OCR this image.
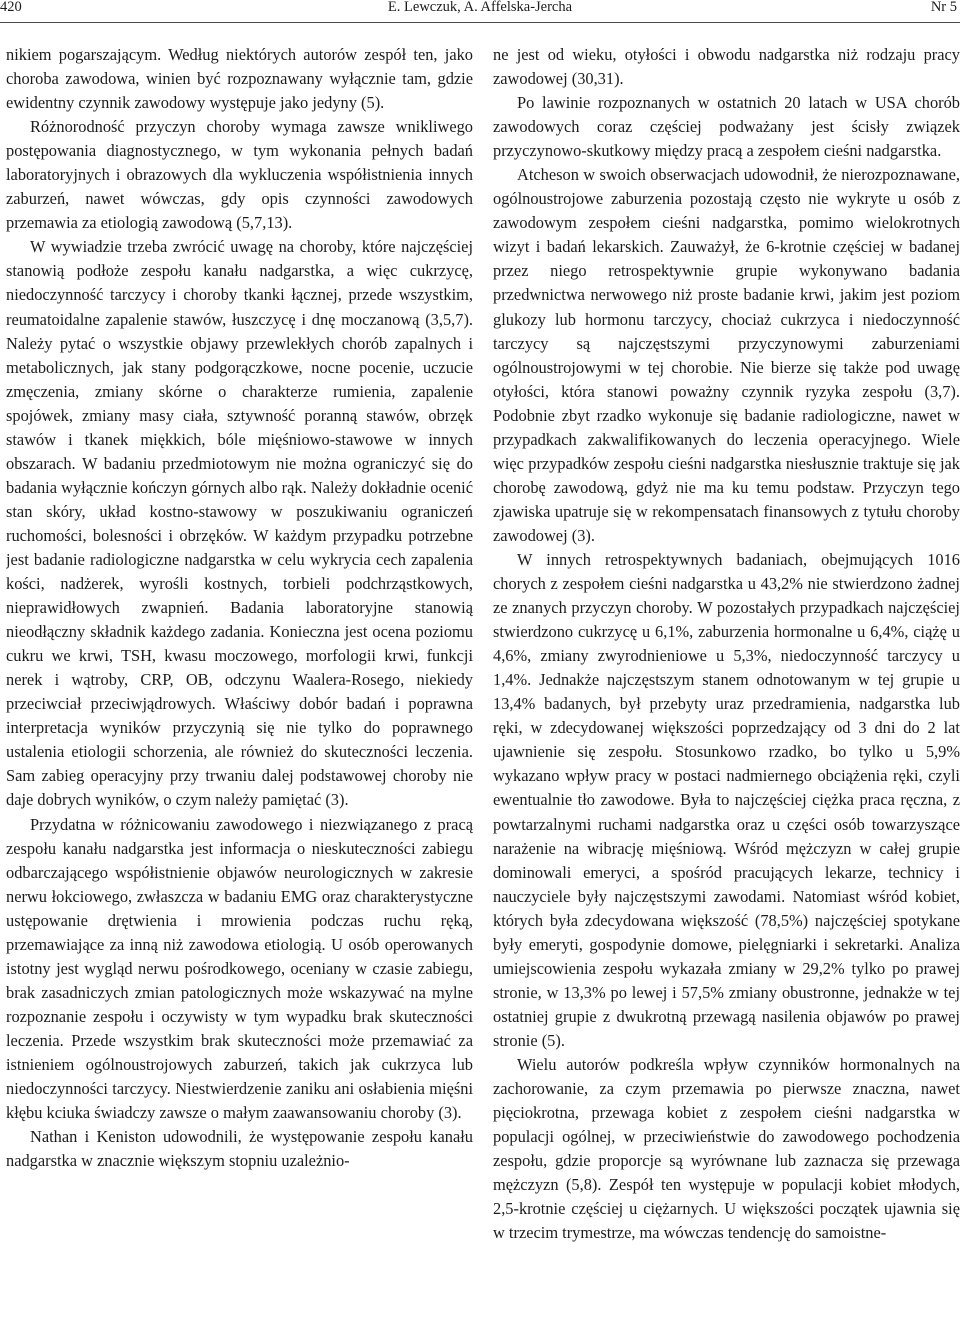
420	E. Lewczuk, A. Affelska-Jercha	Nr 5

nikiem pogarszającym. Według niektórych autorów zespół ten, jako choroba zawodowa, winien być rozpoznawany wyłącznie tam, gdzie ewidentny czynnik zawodowy występuje jako jedyny (5).

Różnorodność przyczyn choroby wymaga zawsze wnikliwego postępowania diagnostycznego, w tym wykonania pełnych badań laboratoryjnych i obrazowych dla wykluczenia współistnienia innych zaburzeń, nawet wówczas, gdy opis czynności zawodowych przemawia za etiologią zawodową (5,7,13).

W wywiadzie trzeba zwrócić uwagę na choroby, które najczęściej stanowią podłoże zespołu kanału nadgarstka, a więc cukrzycę, niedoczynność tarczycy i choroby tkanki łącznej, przede wszystkim, reumatoidalne zapalenie stawów, łuszczycę i dnę moczanową (3,5,7). Należy pytać o wszystkie objawy przewlekłych chorób zapalnych i metabolicznych, jak stany podgorączkowe, nocne pocenie, uczucie zmęczenia, zmiany skórne o charakterze rumienia, zapalenie spojówek, zmiany masy ciała, sztywność poranną stawów, obrzęk stawów i tkanek miękkich, bóle mięśniowo-stawowe w innych obszarach. W badaniu przedmiotowym nie można ograniczyć się do badania wyłącznie kończyn górnych albo rąk. Należy dokładnie ocenić stan skóry, układ kostno-stawowy w poszukiwaniu ograniczeń ruchomości, bolesności i obrzęków. W każdym przypadku potrzebne jest badanie radiologiczne nadgarstka w celu wykrycia cech zapalenia kości, nadżerek, wyrośli kostnych, torbieli podchrząstkowych, nieprawidłowych zwapnień. Badania laboratoryjne stanowią nieodłączny składnik każdego zadania. Konieczna jest ocena poziomu cukru we krwi, TSH, kwasu moczowego, morfologii krwi, funkcji nerek i wątroby, CRP, OB, odczynu Waalera-Rosego, niekiedy przeciwciał przeciwjądrowych. Właściwy dobór badań i poprawna interpretacja wyników przyczynią się nie tylko do poprawnego ustalenia etiologii schorzenia, ale również do skuteczności leczenia. Sam zabieg operacyjny przy trwaniu dalej podstawowej choroby nie daje dobrych wyników, o czym należy pamiętać (3).

Przydatna w różnicowaniu zawodowego i niezwiązanego z pracą zespołu kanału nadgarstka jest informacja o nieskuteczności zabiegu odbarczającego współistnienie objawów neurologicznych w zakresie nerwu łokciowego, zwłaszcza w badaniu EMG oraz charakterystyczne ustępowanie drętwienia i mrowienia podczas ruchu ręką, przemawiające za inną niż zawodowa etiologią. U osób operowanych istotny jest wygląd nerwu pośrodkowego, oceniany w czasie zabiegu, brak zasadniczych zmian patologicznych może wskazywać na mylne rozpoznanie zespołu i oczywisty w tym wypadku brak skuteczności leczenia. Przede wszystkim brak skuteczności może przemawiać za istnieniem ogólnoustrojowych zaburzeń, takich jak cukrzyca lub niedoczynności tarczycy. Niestwierdzenie zaniku ani osłabienia mięśni kłębu kciuka świadczy zawsze o małym zaawansowaniu choroby (3).

Nathan i Keniston udowodnili, że występowanie zespołu kanału nadgarstka w znacznie większym stopniu uzależnio-

ne jest od wieku, otyłości i obwodu nadgarstka niż rodzaju pracy zawodowej (30,31).

Po lawinie rozpoznanych w ostatnich 20 latach w USA chorób zawodowych coraz częściej podważany jest ścisły związek przyczynowo-skutkowy między pracą a zespołem cieśni nadgarstka.

Atcheson w swoich obserwacjach udowodnił, że nierozpoznawane, ogólnoustrojowe zaburzenia pozostają często nie wykryte u osób z zawodowym zespołem cieśni nadgarstka, pomimo wielokrotnych wizyt i badań lekarskich. Zauważył, że 6-krotnie częściej w badanej przez niego retrospektywnie grupie wykonywano badania przedwnictwa nerwowego niż proste badanie krwi, jakim jest poziom glukozy lub hormonu tarczycy, chociaż cukrzyca i niedoczynność tarczycy są najczęstszymi przyczynowymi zaburzeniami ogólnoustrojowymi w tej chorobie. Nie bierze się także pod uwagę otyłości, która stanowi poważny czynnik ryzyka zespołu (3,7). Podobnie zbyt rzadko wykonuje się badanie radiologiczne, nawet w przypadkach zakwalifikowanych do leczenia operacyjnego. Wiele więc przypadków zespołu cieśni nadgarstka niesłusznie traktuje się jak chorobę zawodową, gdyż nie ma ku temu podstaw. Przyczyn tego zjawiska upatruje się w rekompensatach finansowych z tytułu choroby zawodowej (3).

W innych retrospektywnych badaniach, obejmujących 1016 chorych z zespołem cieśni nadgarstka u 43,2% nie stwierdzono żadnej ze znanych przyczyn choroby. W pozostałych przypadkach najczęściej stwierdzono cukrzycę u 6,1%, zaburzenia hormonalne u 6,4%, ciążę u 4,6%, zmiany zwyrodnieniowe u 5,3%, niedoczynność tarczycy u 1,4%. Jednakże najczęstszym stanem odnotowanym w tej grupie u 13,4% badanych, był przebyty uraz przedramienia, nadgarstka lub ręki, w zdecydowanej większości poprzedzający od 3 dni do 2 lat ujawnienie się zespołu. Stosunkowo rzadko, bo tylko u 5,9% wykazano wpływ pracy w postaci nadmiernego obciążenia ręki, czyli ewentualnie tło zawodowe. Była to najczęściej ciężka praca ręczna, z powtarzalnymi ruchami nadgarstka oraz u części osób towarzyszące narażenie na wibrację mięśniową. Wśród mężczyzn w całej grupie dominowali emeryci, a spośród pracujących lekarze, technicy i nauczyciele były najczęstszymi zawodami. Natomiast wśród kobiet, których była zdecydowana większość (78,5%) najczęściej spotykane były emeryti, gospodynie domowe, pielęgniarki i sekretarki. Analiza umiejscowienia zespołu wykazała zmiany w 29,2% tylko po prawej stronie, w 13,3% po lewej i 57,5% zmiany obustronne, jednakże w tej ostatniej grupie z dwukrotną przewagą nasilenia objawów po prawej stronie (5).

Wielu autorów podkreśla wpływ czynników hormonalnych na zachorowanie, za czym przemawia po pierwsze znaczna, nawet pięciokrotna, przewaga kobiet z zespołem cieśni nadgarstka w populacji ogólnej, w przeciwieństwie do zawodowego pochodzenia zespołu, gdzie proporcje są wyrównane lub zaznacza się przewaga mężczyzn (5,8). Zespół ten występuje w populacji kobiet młodych, 2,5-krotnie częściej u ciężarnych. U większości początek ujawnia się w trzecim trymestrze, ma wówczas tendencję do samoistne-
